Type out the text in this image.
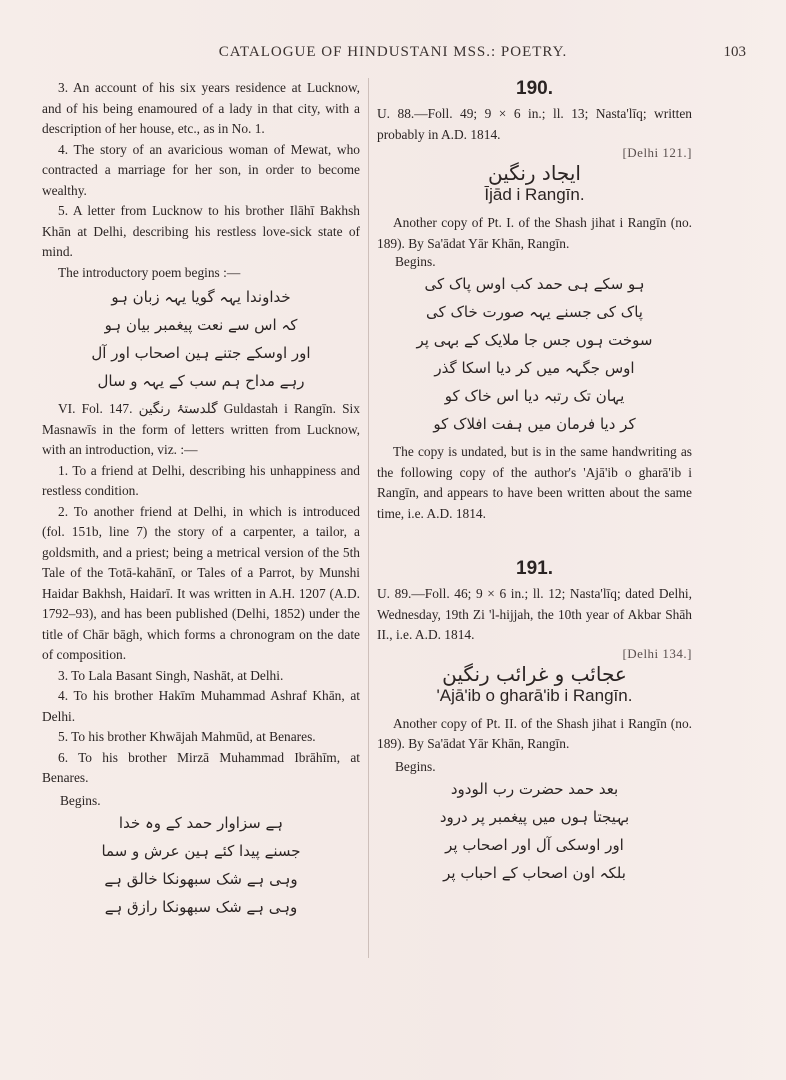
CATALOGUE OF HINDUSTANI MSS.: POETRY.	103

3. An account of his six years residence at Lucknow, and of his being enamoured of a lady in that city, with a description of her house, etc., as in No. 1.

4. The story of an avaricious woman of Mewat, who contracted a marriage for her son, in order to become wealthy.

5. A letter from Lucknow to his brother Ilāhī Bakhsh Khān at Delhi, describing his restless love-sick state of mind.

The introductory poem begins :—

خداوندا یہہ گویا یہہ زبان ہو
کہ اس سے نعت پیغمبر بیان ہو
اور اوسکے جتنے ہین اصحاب اور آل
رہے مداح ہم سب کے یہہ و سال

VI. Fol. 147. گلدستۂ رنگین Guldastah i Rangīn. Six Masnawīs in the form of letters written from Lucknow, with an introduction, viz. :—

1. To a friend at Delhi, describing his unhappiness and restless condition.

2. To another friend at Delhi, in which is introduced (fol. 151b, line 7) the story of a carpenter, a tailor, a goldsmith, and a priest; being a metrical version of the 5th Tale of the Totā-kahānī, or Tales of a Parrot, by Munshi Haidar Bakhsh, Haidarī. It was written in A.H. 1207 (A.D. 1792–93), and has been published (Delhi, 1852) under the title of Chār bāgh, which forms a chronogram on the date of composition.

3. To Lala Basant Singh, Nashāt, at Delhi.

4. To his brother Hakīm Muhammad Ashraf Khān, at Delhi.

5. To his brother Khwājah Mahmūd, at Benares.

6. To his brother Mirzā Muhammad Ibrāhīm, at Benares.

Begins.

ہے سزاوار حمد کے وہ خدا
جسنے پیدا کئے ہین عرش و سما
وہی ہے شک سبھونکا خالق ہے
وہی ہے شک سبھونکا رازق ہے

190.

U. 88.—Foll. 49; 9 × 6 in.; ll. 13; Nasta'līq; written probably in A.D. 1814.

[Delhi 121.]

ایجاد رنگین

Ījād i Rangīn.

Another copy of Pt. I. of the Shash jihat i Rangīn (no. 189). By Sa'ādat Yār Khān, Rangīn.

Begins.

ہو سکے ہی حمد کب اوس پاک کی
پاک کی جسنے یہہ صورت خاک کی
سوخت ہوں جس جا ملایک کے بہی پر
اوس جگہہ میں کر دیا اسکا گذر
یہان تک رتبہ دیا اس خاک کو
کر دیا فرمان میں ہفت افلاک کو

The copy is undated, but is in the same handwriting as the following copy of the author's 'Ajā'ib o gharā'ib i Rangīn, and appears to have been written about the same time, i.e. A.D. 1814.

191.

U. 89.—Foll. 46; 9 × 6 in.; ll. 12; Nasta'līq; dated Delhi, Wednesday, 19th Zi 'l-hijjah, the 10th year of Akbar Shāh II., i.e. A.D. 1814.

[Delhi 134.]

عجائب و غرائب رنگین

'Ajā'ib o gharā'ib i Rangīn.

Another copy of Pt. II. of the Shash jihat i Rangīn (no. 189). By Sa'ādat Yār Khān, Rangīn.

Begins.

بعد حمد حضرت رب الودود
بہیجتا ہوں میں پیغمبر پر درود
اور اوسکی آل اور اصحاب پر
بلکہ اون اصحاب کے احباب پر
